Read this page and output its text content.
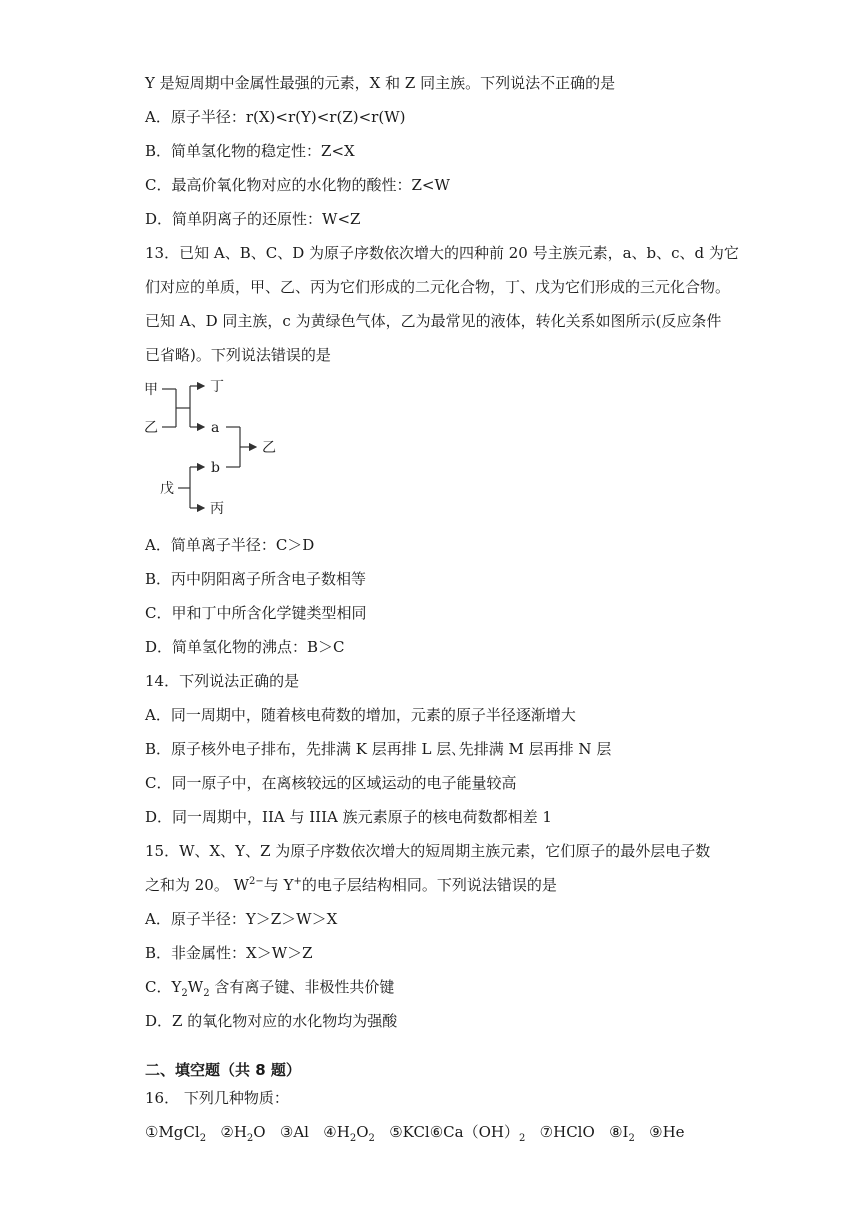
Y 是短周期中金属性最强的元素，X 和 Z 同主族。下列说法不正确的是
A．原子半径：r(X)<r(Y)<r(Z)<r(W)
B．简单氢化物的稳定性：Z<X
C．最高价氧化物对应的水化物的酸性：Z<W
D．简单阴离子的还原性：W<Z
13．已知 A、B、C、D 为原子序数依次增大的四种前 20 号主族元素，a、b、c、d 为它
们对应的单质，甲、乙、丙为它们形成的二元化合物，丁、戊为它们形成的三元化合物。
已知 A、D 同主族，c 为黄绿色气体，乙为最常见的液体，转化关系如图所示(反应条件
已省略)。下列说法错误的是
甲
乙
丁
a
乙
b
戊
丙
A．简单离子半径：C＞D
B．丙中阴阳离子所含电子数相等
C．甲和丁中所含化学键类型相同
D．简单氢化物的沸点：B＞C
14．下列说法正确的是
A．同一周期中，随着核电荷数的增加，元素的原子半径逐渐增大
B．原子核外电子排布，先排满 K 层再排 L 层､先排满 M 层再排 N 层
C．同一原子中，在离核较远的区域运动的电子能量较高
D．同一周期中，IIA 与 IIIA 族元素原子的核电荷数都相差 1
15．W、X、Y、Z 为原子序数依次增大的短周期主族元素，它们原子的最外层电子数
之和为 20。 $W^{2-}$与 Y+的电子层结构相同。下列说法错误的是
A．原子半径：Y＞Z＞W＞X
B．非金属性：X＞W＞Z
C．$Y_2W_2$ 含有离子键、非极性共价键
D．Z 的氧化物对应的水化物均为强酸
二、填空题（共 8 题）
16． 下列几种物质：
①MgCl$_2$ $②H_2O$ ③Al $④H_2O_2$ $⑤KCl⑥Ca(OH)_2$ ⑦HClO $⑧I_2$ ⑨He
